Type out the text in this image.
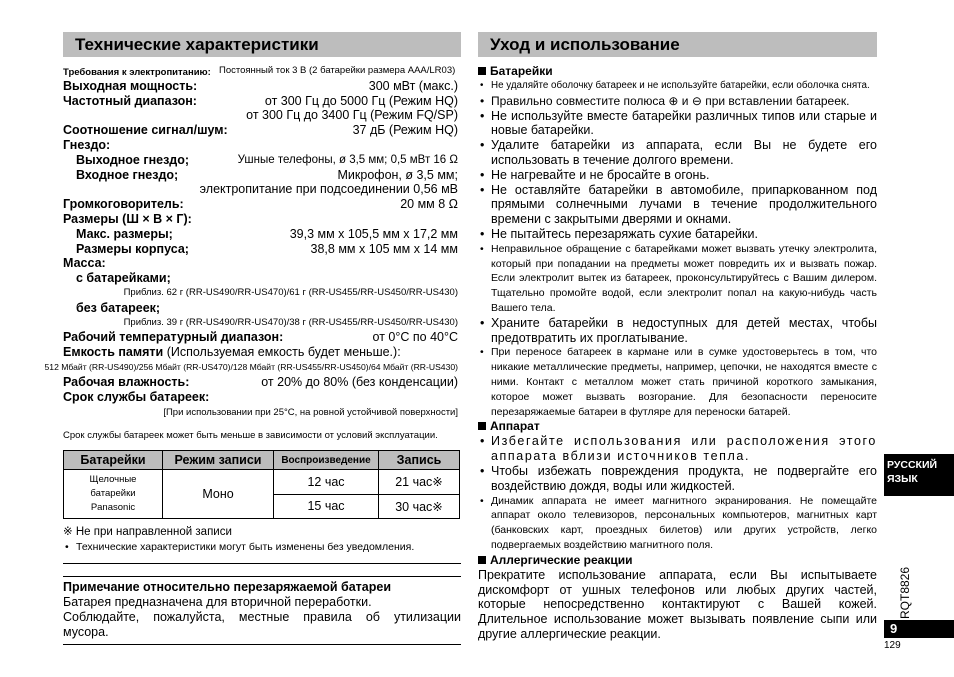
Технические характеристики
Требования к электропитанию: Постоянный ток 3 В (2 батарейки размера AAA/LR03)
Выходная мощность:	300 мВт (макс.)
Частотный диапазон:	от 300 Гц до 5000 Гц (Режим HQ)
от 300 Гц до 3400 Гц (Режим FQ/SP)
Соотношение сигнал/шум:	37 дБ (Режим HQ)
Гнездо:
Выходное гнездо;	Ушные телефоны, ø 3,5 мм; 0,5 мВт 16 Ω
Входное гнездо;	Микрофон, ø 3,5 мм;
электропитание при подсоединении 0,56 мВ
Громкоговоритель:	20 мм 8 Ω
Размеры (Ш × В × Г):
Макс. размеры;	39,3 мм х 105,5 мм х 17,2 мм
Размеры корпуса;	38,8 мм х 105 мм х 14 мм
Масса:
с батарейками;
Приблиз. 62 г (RR-US490/RR-US470)/61 г (RR-US455/RR-US450/RR-US430)
без батареек;
Приблиз. 39 г (RR-US490/RR-US470)/38 г (RR-US455/RR-US450/RR-US430)
Рабочий температурный диапазон:	от 0°C по 40°C
Емкость памяти (Используемая емкость будет меньше.):
512 Мбайт (RR-US490)/256 Мбайт (RR-US470)/128 Мбайт (RR-US455/RR-US450)/64 Мбайт (RR-US430)
Рабочая влажность:	от 20% до 80% (без конденсации)
Срок службы батареек:
[При использовании при 25°C, на ровной устойчивой поверхности]
Срок службы батареек может быть меньше в зависимости от условий эксплуатации.
Батарейки	Режим записи	Воспроизведение	Запись
Щелочные батарейки Panasonic	Моно	12 час	21 час※
		15 час	30 час※
※ Не при направленной записи
• Технические характеристики могут быть изменены без уведомления.
Примечание относительно перезаряжаемой батареи
Батарея предназначена для вторичной переработки.
Соблюдайте, пожалуйста, местные правила об утилизации
мусора.
Уход и использование
Батарейки
• Не удаляйте оболочку батареек и не используйте батарейки, если оболочка снята.
• Правильно совместите полюса ⊕ и ⊖ при вставлении батареек.
• Не используйте вместе батарейки различных типов или старые и новые батарейки.
• Удалите батарейки из аппарата, если Вы не будете его использовать в течение долгого времени.
• Не нагревайте и не бросайте в огонь.
• Не оставляйте батарейки в автомобиле, припаркованном под прямыми солнечными лучами в течение продолжительного времени с закрытыми дверями и окнами.
• Не пытайтесь перезаряжать сухие батарейки.
• Неправильное обращение с батарейками может вызвать утечку электролита, который при попадании на предметы может повредить их и вызвать пожар. Если электролит вытек из батареек, проконсультируйтесь с Вашим дилером. Тщательно промойте водой, если электролит попал на какую-нибудь часть Вашего тела.
• Храните батарейки в недоступных для детей местах, чтобы предотвратить их проглатывание.
• При переносе батареек в кармане или в сумке удостоверьтесь в том, что никакие металлические предметы, например, цепочки, не находятся вместе с ними. Контакт с металлом может стать причиной короткого замыкания, которое может вызвать возгорание. Для безопасности переносите перезаряжаемые батареи в футляре для переноски батарей.
Аппарат
• Избегайте использования или расположения этого аппарата вблизи источников тепла.
• Чтобы избежать повреждения продукта, не подвергайте его воздействию дождя, воды или жидкостей.
• Динамик аппарата не имеет магнитного экранирования. Не помещайте аппарат около телевизоров, персональных компьютеров, магнитных карт (банковских карт, проездных билетов) или других устройств, легко подвергаемых воздействию магнитного поля.
Аллергические реакции
Прекратите использование аппарата, если Вы испытываете дискомфорт от ушных телефонов или любых других частей, которые непосредственно контактируют с Вашей кожей. Длительное использование может вызывать появление сыпи или другие аллергические реакции.
РУССКИЙ ЯЗЫК
RQT8826
9
129
